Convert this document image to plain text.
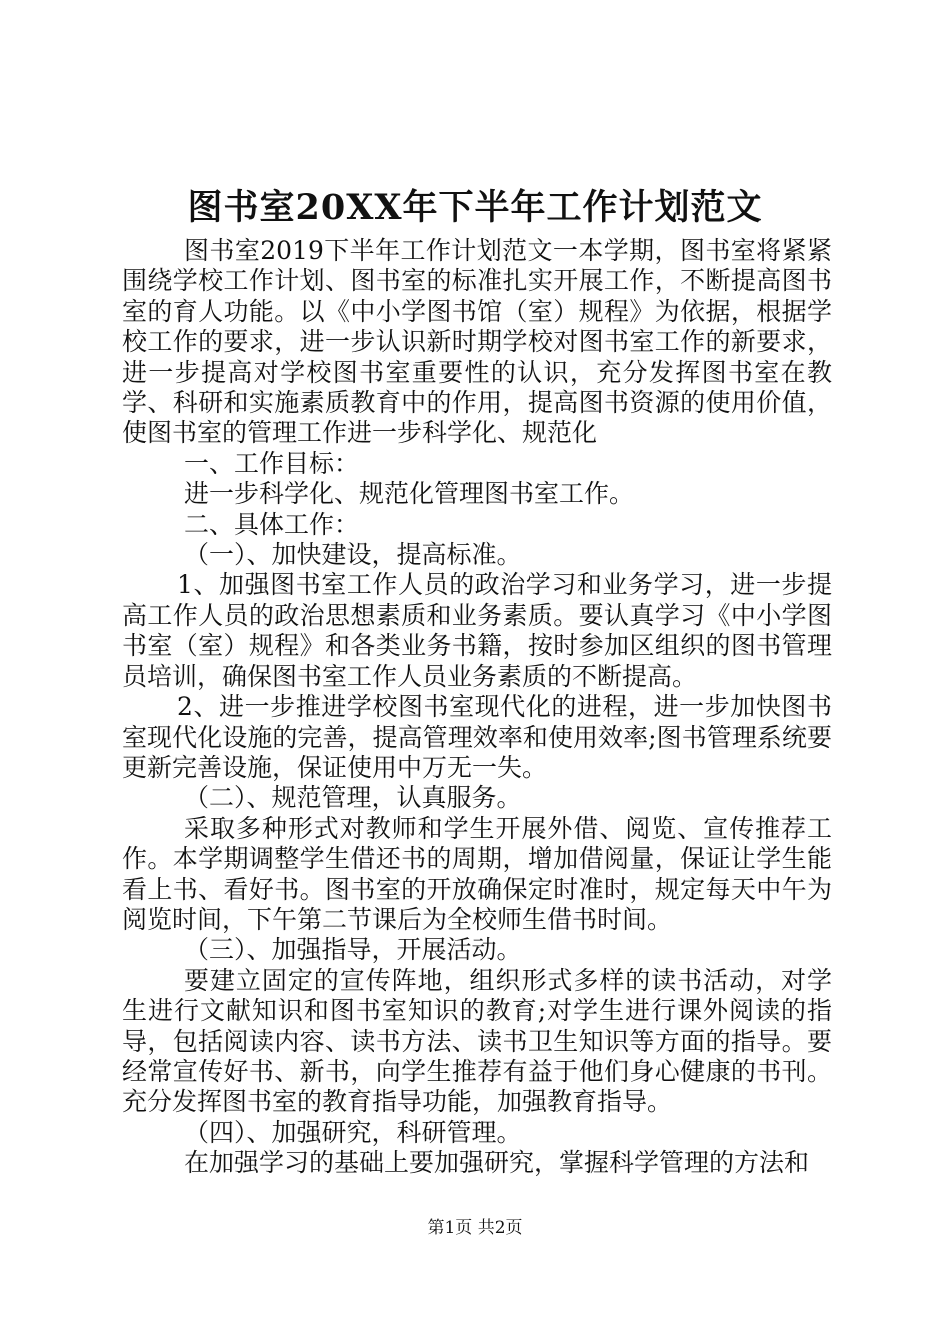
图书室20XX年下半年工作计划范文

图书室2019下半年工作计划范文一本学期，图书室将紧紧围绕学校工作计划、图书室的标准扎实开展工作，不断提高图书室的育人功能。以《中小学图书馆（室）规程》为依据，根据学校工作的要求，进一步认识新时期学校对图书室工作的新要求，进一步提高对学校图书室重要性的认识，充分发挥图书室在教学、科研和实施素质教育中的作用，提高图书资源的使用价值，使图书室的管理工作进一步科学化、规范化

一、工作目标：

进一步科学化、规范化管理图书室工作。

二、具体工作：

（一）、加快建设，提高标准。

1、加强图书室工作人员的政治学习和业务学习，进一步提高工作人员的政治思想素质和业务素质。要认真学习《中小学图书室（室）规程》和各类业务书籍，按时参加区组织的图书管理员培训，确保图书室工作人员业务素质的不断提高。

2、进一步推进学校图书室现代化的进程，进一步加快图书室现代化设施的完善，提高管理效率和使用效率;图书管理系统要更新完善设施，保证使用中万无一失。

（二）、规范管理，认真服务。

采取多种形式对教师和学生开展外借、阅览、宣传推荐工作。本学期调整学生借还书的周期，增加借阅量，保证让学生能看上书、看好书。图书室的开放确保定时准时，规定每天中午为阅览时间，下午第二节课后为全校师生借书时间。

（三）、加强指导，开展活动。

要建立固定的宣传阵地，组织形式多样的读书活动，对学生进行文献知识和图书室知识的教育;对学生进行课外阅读的指导，包括阅读内容、读书方法、读书卫生知识等方面的指导。要经常宣传好书、新书，向学生推荐有益于他们身心健康的书刊。充分发挥图书室的教育指导功能，加强教育指导。

（四）、加强研究，科研管理。

在加强学习的基础上要加强研究，掌握科学管理的方法和

第1页 共2页
